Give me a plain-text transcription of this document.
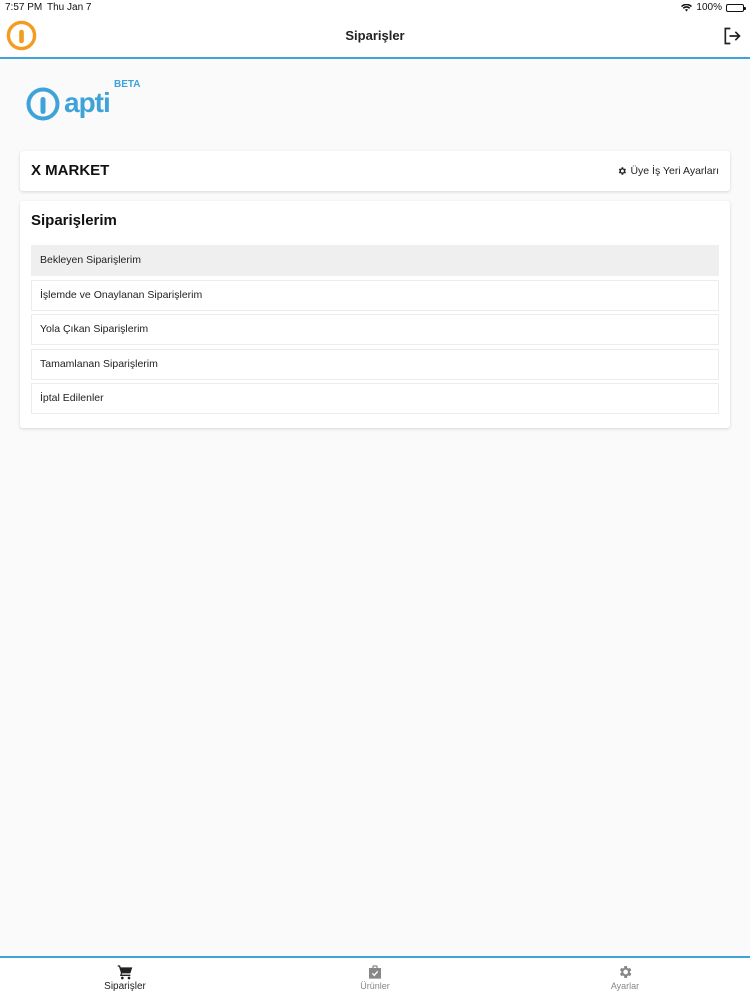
7:57 PM Thu Jan 7	100%
Siparişler
apti
BETA
X MARKET	Üye İş Yeri Ayarları
Siparişlerim
Bekleyen Siparişlerim
İşlemde ve Onaylanan Siparişlerim
Yola Çıkan Siparişlerim
Tamamlanan Siparişlerim
İptal Edilenler
Siparişler	Ürünler	Ayarlar
